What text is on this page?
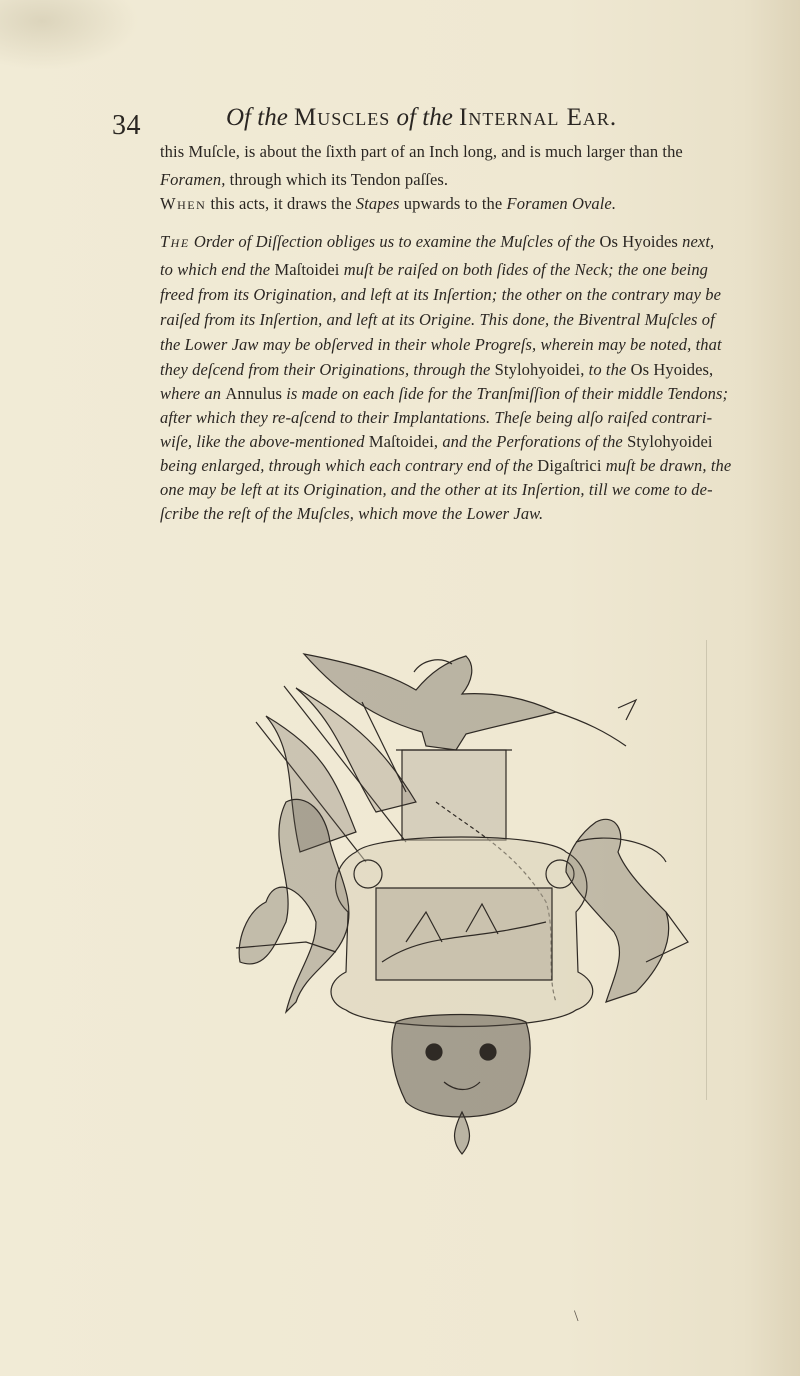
34	Of the Muscles of the Internal Ear.
this Muſcle, is about the ſixth part of an Inch long, and is much larger than the
Foramen, through which its Tendon paſſes.
When this acts, it draws the Stapes upwards to the Foramen Ovale.
The Order of Diſſection obliges us to examine the Muſcles of the Os Hyoides next,
to which end the Maſtoidei muſt be raiſed on both ſides of the Neck; the one being
freed from its Origination, and left at its Inſertion; the other on the contrary may be
raiſed from its Inſertion, and left at its Origine. This done, the Biventral Muſcles of
the Lower Jaw may be obſerved in their whole Progreſs, wherein may be noted, that
they deſcend from their Originations, through the Stylohyoidei, to the Os Hyoides,
where an Annulus is made on each ſide for the Tranſmiſſion of their middle Tendons;
after which they re-aſcend to their Implantations. Theſe being alſo raiſed contrari-
wiſe, like the above-mentioned Maſtoidei, and the Perforations of the Stylohyoidei
being enlarged, through which each contrary end of the Digaſtrici muſt be drawn, the
one may be left at its Origination, and the other at its Inſertion, till we come to de-
ſcribe the reſt of the Muſcles, which move the Lower Jaw.
\
